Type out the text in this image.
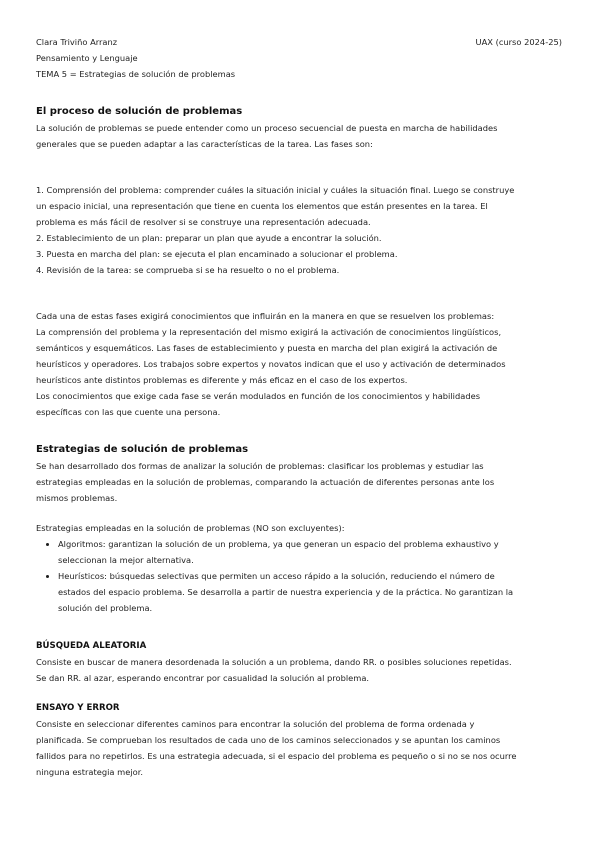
Clara Triviño Arranz
Pensamiento y Lenguaje
TEMA 5 = Estrategias de solución de problemas
UAX (curso 2024-25)
El proceso de solución de problemas
La solución de problemas se puede entender como un proceso secuencial de puesta en marcha de habilidades
generales que se pueden adaptar a las características de la tarea. Las fases son:
1. Comprensión del problema: comprender cuáles la situación inicial y cuáles la situación final. Luego se construye
un espacio inicial, una representación que tiene en cuenta los elementos que están presentes en la tarea. El
problema es más fácil de resolver si se construye una representación adecuada.
2. Establecimiento de un plan: preparar un plan que ayude a encontrar la solución.
3. Puesta en marcha del plan: se ejecuta el plan encaminado a solucionar el problema.
4. Revisión de la tarea: se comprueba si se ha resuelto o no el problema.
Cada una de estas fases exigirá conocimientos que influirán en la manera en que se resuelven los problemas:
La comprensión del problema y la representación del mismo exigirá la activación de conocimientos lingüísticos,
semánticos y esquemáticos. Las fases de establecimiento y puesta en marcha del plan exigirá la activación de
heurísticos y operadores. Los trabajos sobre expertos y novatos indican que el uso y activación de determinados
heurísticos ante distintos problemas es diferente y más eficaz en el caso de los expertos.
Los conocimientos que exige cada fase se verán modulados en función de los conocimientos y habilidades
específicas con las que cuente una persona.
Estrategias de solución de problemas
Se han desarrollado dos formas de analizar la solución de problemas: clasificar los problemas y estudiar las
estrategias empleadas en la solución de problemas, comparando la actuación de diferentes personas ante los
mismos problemas.
Estrategias empleadas en la solución de problemas (NO son excluyentes):
• Algoritmos: garantizan la solución de un problema, ya que generan un espacio del problema exhaustivo y
seleccionan la mejor alternativa.
• Heurísticos: búsquedas selectivas que permiten un acceso rápido a la solución, reduciendo el número de
estados del espacio problema. Se desarrolla a partir de nuestra experiencia y de la práctica. No garantizan la
solución del problema.
BÚSQUEDA ALEATORIA
Consiste en buscar de manera desordenada la solución a un problema, dando RR. o posibles soluciones repetidas.
Se dan RR. al azar, esperando encontrar por casualidad la solución al problema.
ENSAYO Y ERROR
Consiste en seleccionar diferentes caminos para encontrar la solución del problema de forma ordenada y
planificada. Se comprueban los resultados de cada uno de los caminos seleccionados y se apuntan los caminos
fallidos para no repetirlos. Es una estrategia adecuada, si el espacio del problema es pequeño o si no se nos ocurre
ninguna estrategia mejor.
